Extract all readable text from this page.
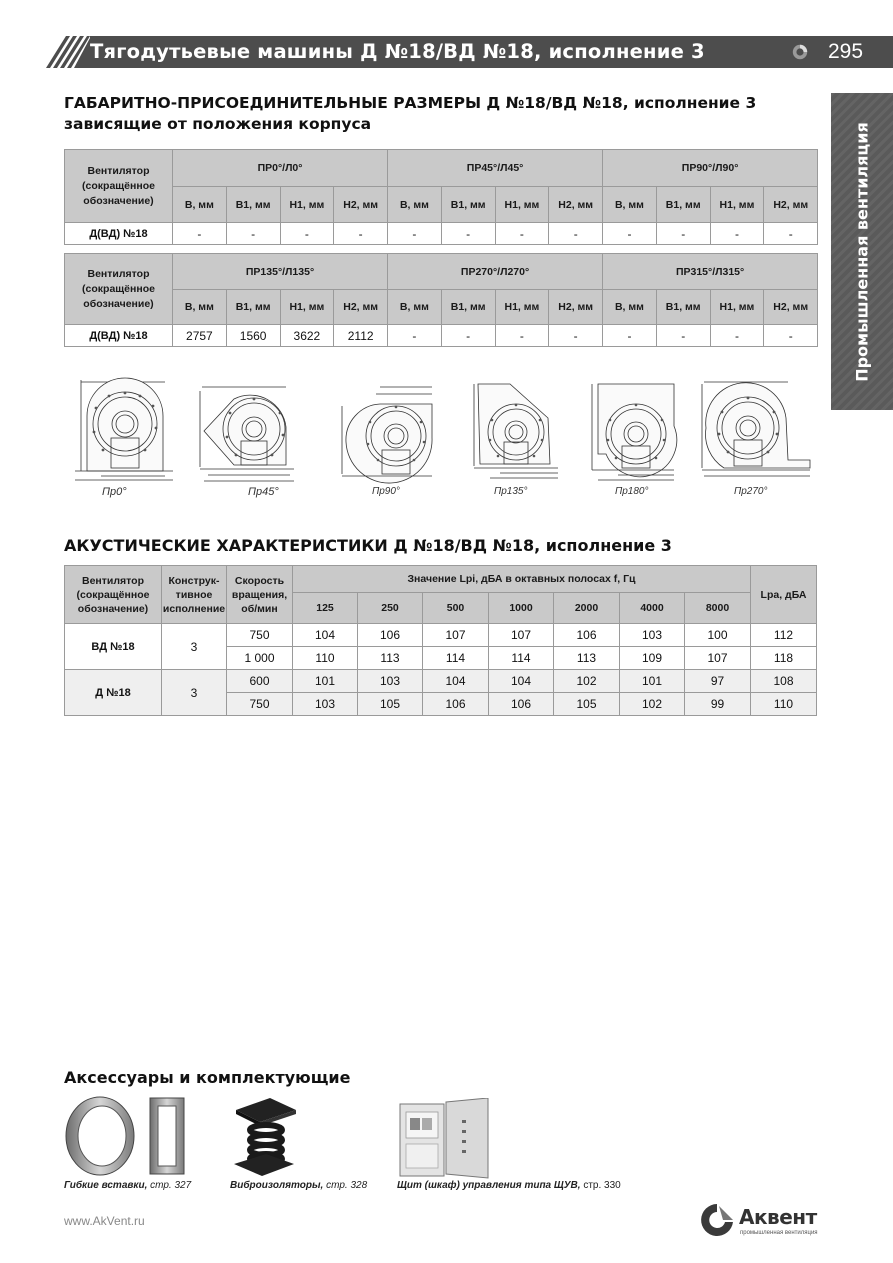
Тягодутьевые машины Д №18/ВД №18, исполнение 3	295
Промышленная вентиляция
ГАБАРИТНО-ПРИСОЕДИНИТЕЛЬНЫЕ РАЗМЕРЫ Д №18/ВД №18, исполнение 3
зависящие от положения корпуса
Вентилятор (сокращённое обозначение)	ПР0°/Л0°				ПР45°/Л45°				ПР90°/Л90°			
	В, мм	В1, мм	Н1, мм	Н2, мм	В, мм	В1, мм	Н1, мм	Н2, мм	В, мм	В1, мм	Н1, мм	Н2, мм
Д(ВД) №18	-	-	-	-	-	-	-	-	-	-	-	-
Вентилятор (сокращённое обозначение)	ПР135°/Л135°				ПР270°/Л270°				ПР315°/Л315°			
	В, мм	В1, мм	Н1, мм	Н2, мм	В, мм	В1, мм	Н1, мм	Н2, мм	В, мм	В1, мм	Н1, мм	Н2, мм
Д(ВД) №18	2757	1560	3622	2112	-	-	-	-	-	-	-	-
Пр0°	Пр45°	Пр90°	Пр135°	Пр180°	Пр270°
АКУСТИЧЕСКИЕ ХАРАКТЕРИСТИКИ Д №18/ВД №18, исполнение 3
Вентилятор (сокращённое обозначение)	Конструк- тивное исполнение	Скорость вращения, об/мин	Значение Lpi, дБА в октавных полосах f, Гц							Lpa, дБА
			125	250	500	1000	2000	4000	8000	
ВД №18	3	750	104	106	107	107	106	103	100	112
		1 000	110	113	114	114	113	109	107	118
Д №18	3	600	101	103	104	104	102	101	97	108
		750	103	105	106	106	105	102	99	110
Аксессуары и комплектующие
Гибкие вставки, стр. 327	Виброизоляторы, стр. 328	Щит (шкаф) управления типа ЩУВ, стр. 330
www.AkVent.ru	Аквент
промышленная вентиляция
